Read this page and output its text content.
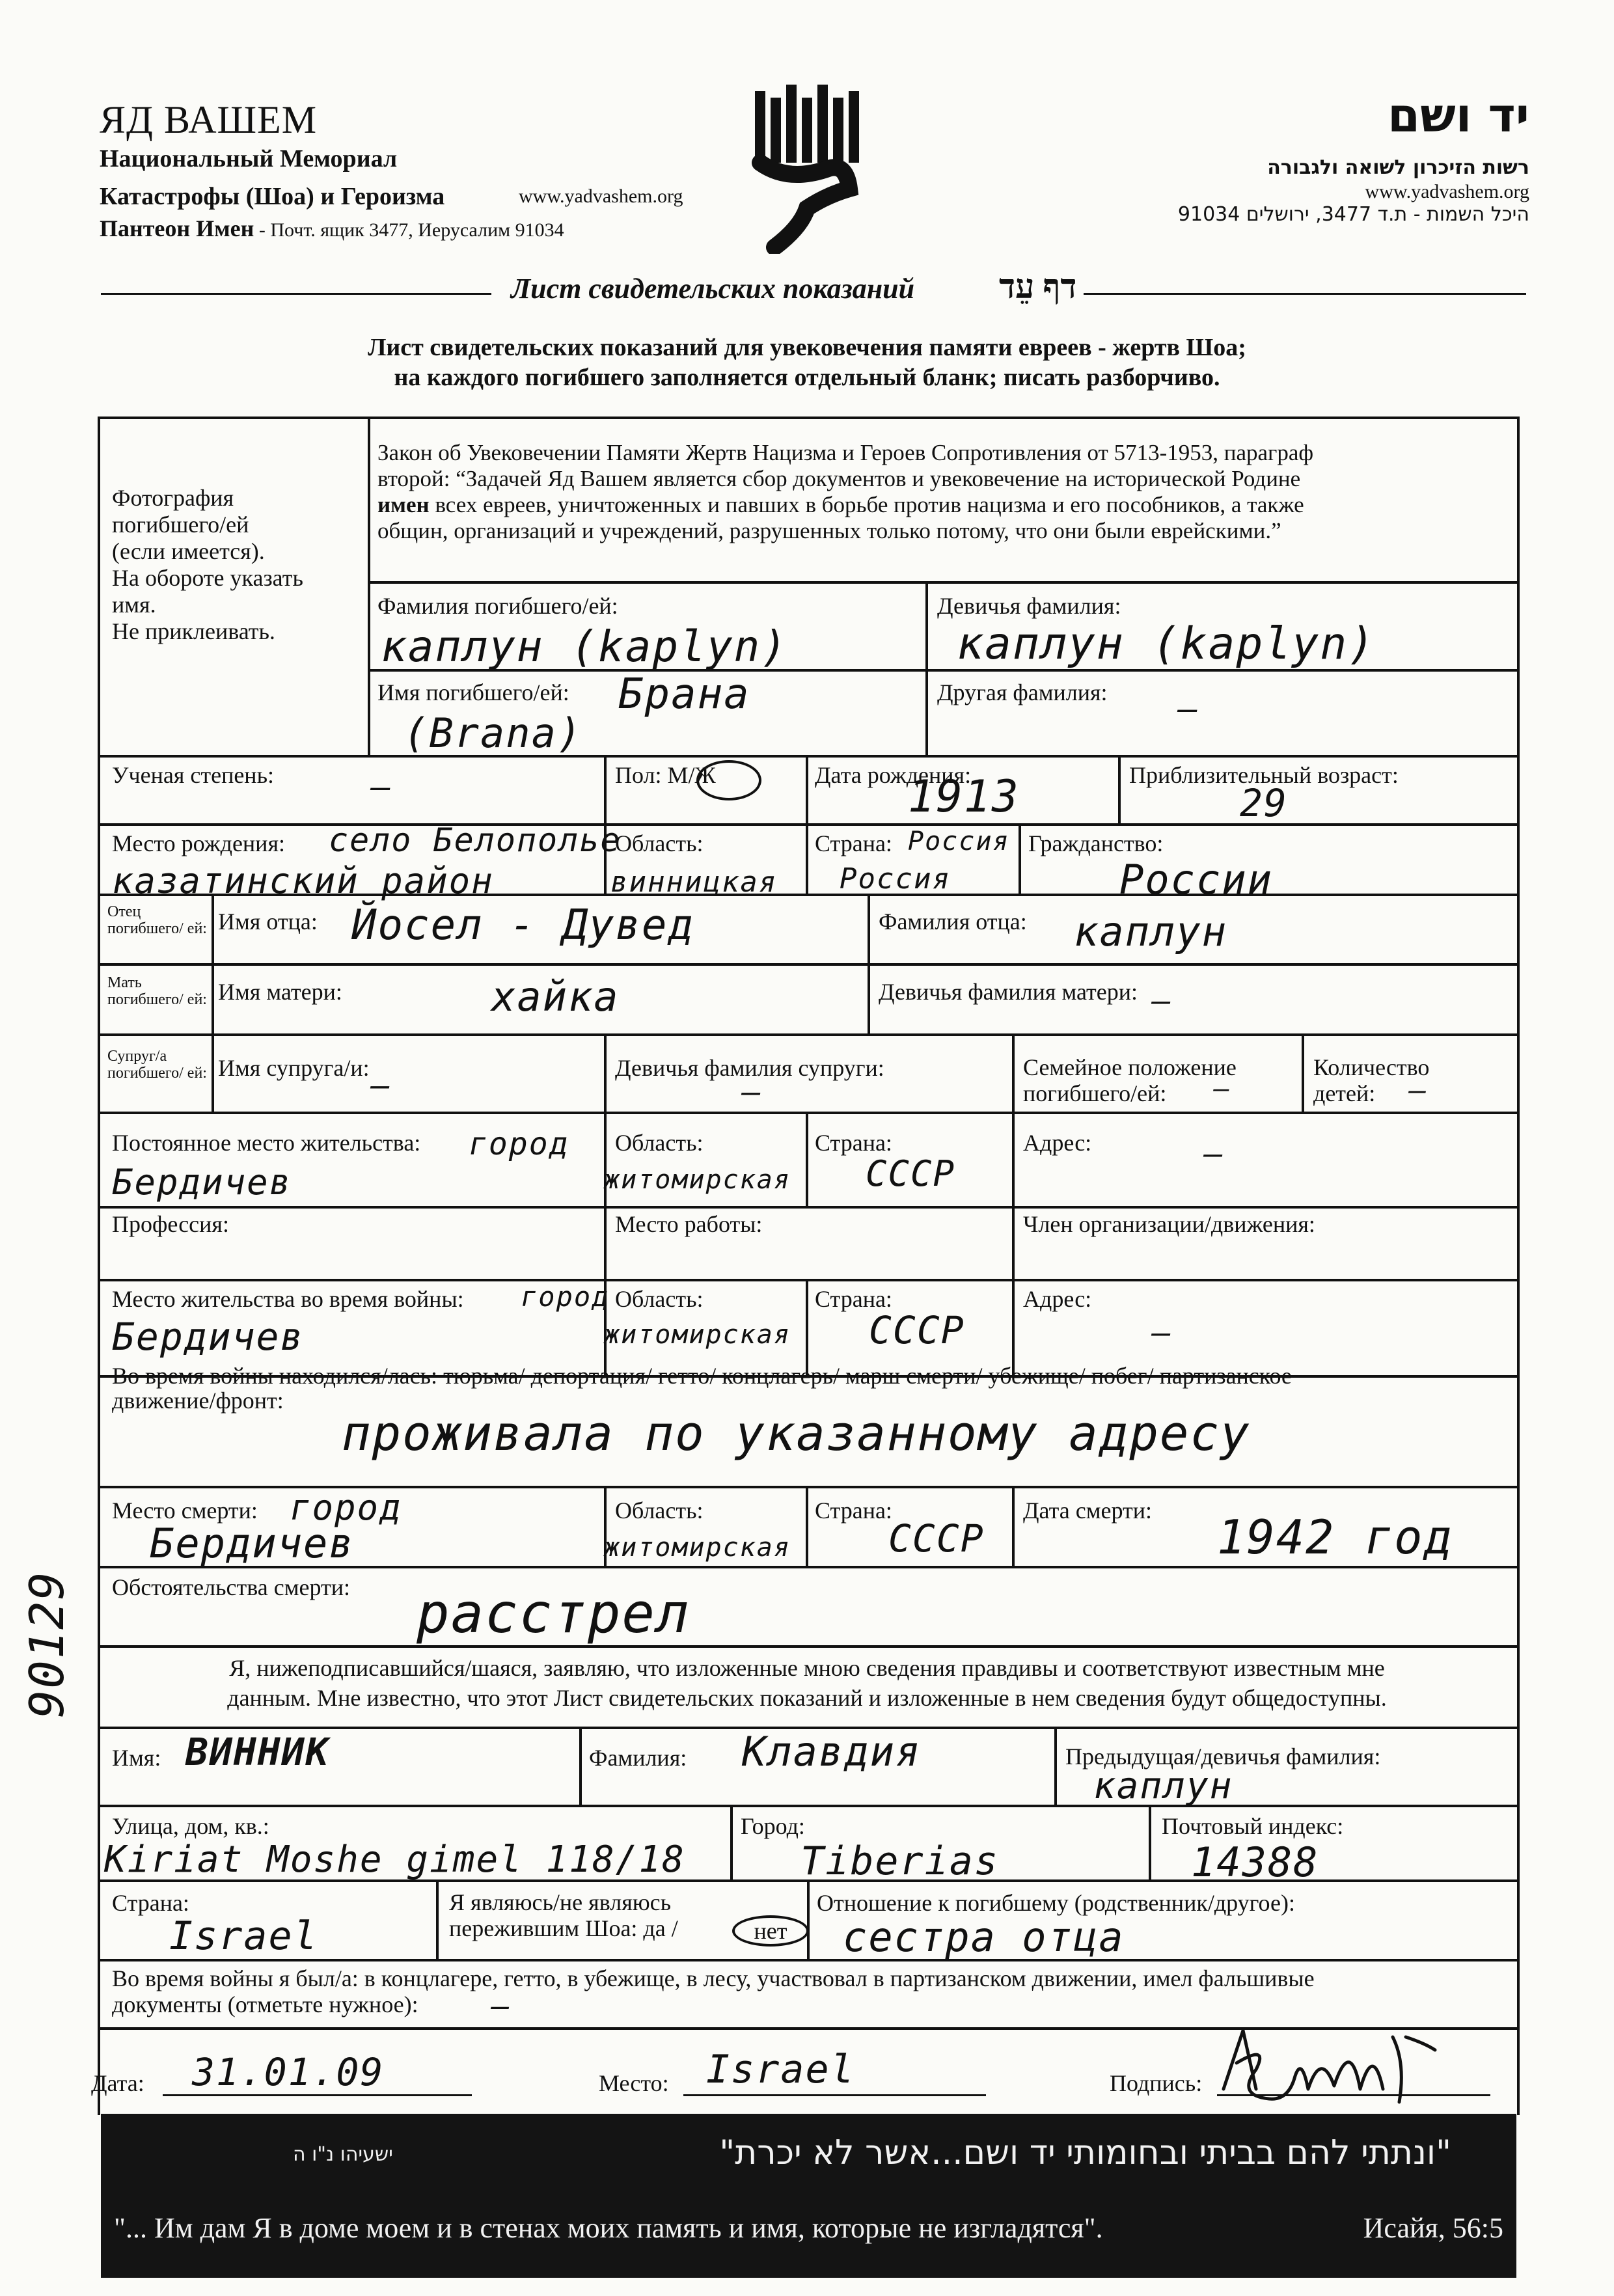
ЯД ВАШЕМ
Национальный Мемориал
Катастрофы (Шоа) и Героизма	www.yadvashem.org
Пантеон Имен - Почт. ящик 3477, Иерусалим 91034
יד ושם
רשות הזיכרון לשואה ולגבורה
www.yadvashem.org
היכל השמות - ת.ד 3477, ירושלים 91034
Лист свидетельских показаний דף עֵד
Лист свидетельских показаний для увековечения памяти евреев - жертв Шоа;
на каждого погибшего заполняется отдельный бланк; писать разборчиво.
Фотография
погибшего/ей
(если имеется).
На обороте указать
имя.
Не приклеивать.
Закон об Увековечении Памяти Жертв Нацизма и Героев Сопротивления от 5713-1953, параграф
второй: “Задачей Яд Вашем является сбор документов и увековечение на исторической Родине
имен всех евреев, уничтоженных и павших в борьбе против нацизма и его пособников, а также
общин, организаций и учреждений, разрушенных только потому, что они были еврейскими.”
Фамилия погибшего/ей:
каплун (kaplyn)
Девичья фамилия:
каплун (kaplyn)
Имя погибшего/ей: Брана
(Brana)
Другая фамилия: —
Ученая степень:	—	Пол: М/Ж	Дата рождения:
1913	Приблизительный возраст:
29
Место рождения: село Белопольe
казатинский район
Область:
винницкая
Страна: Россия
Россия
Гражданство:
России
Отец погибшего/ ей: Имя отца: Йосел - Дувед	Фамилия отца: каплун
Мать погибшего/ ей: Имя матери:	хайка	Девичья фамилия матери: —
Супруг/а погибшего/ ей: Имя супруга/и: —	Девичья фамилия супруги:
—
Семейное положение
погибшего/ей:	—
Количество
детей:	—
Постоянное место жительства: город
Бердичев
Область:
житомирская
Страна:
СССР
Адрес:	—
Профессия:	Место работы:	Член организации/движения:
Место жительства во время войны: город
Бердичев
Область:
житомирская
Страна:
СССР
Адрес:
—
Во время войны находился/лась: тюрьма/ депортация/ гетто/ концлагерь/ марш смерти/ убежище/ побег/ партизанское
движение/фронт:
проживала по указанному адресу
Место смерти: город
Бердичев
Область:
житомирская
Страна:
СССР
Дата смерти: 1942 год
Обстоятельства смерти: расстрел
Я, нижеподписавшийся/шаяся, заявляю, что изложенные мною сведения правдивы и соответствуют известным мне
данным. Мне известно, что этот Лист свидетельских показаний и изложенные в нем сведения будут общедоступны.
Имя: ВИННИК	Фамилия: Клавдия	Предыдущая/девичья фамилия:
каплун
Улица, дом, кв.:
Kiriat Moshe gimel 118/18
Город:
Tiberias
Почтовый индекс:
14388
Страна:
Israel
Я являюсь/не являюсь
пережившим Шоа: да /	нет
Отношение к погибшему (родственник/другое):
сестра отца
Во время войны я был/а: в концлагере, гетто, в убежище, в лесу, участвовал в партизанском движении, имел фальшивые
документы (отметьте нужное):	—
Дата: 31.01.09	Место: Israel	Подпись:
90129
"ונתתי להם בביתי ובחומותי יד ושם...אשר לא יכרת"
ישעיהו נ"ו ה
"... Им дам Я в доме моем и в стенах моих память и имя, которые не изгладятся".	Исайя, 56:5
